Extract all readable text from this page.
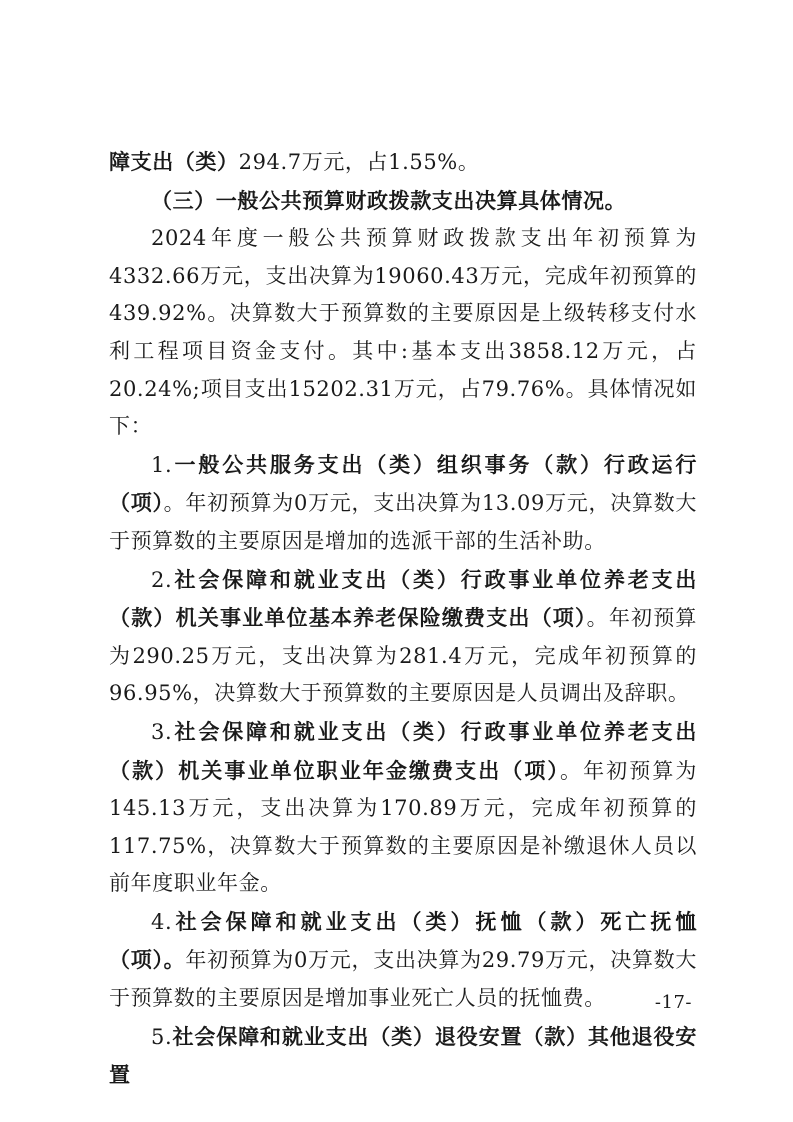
障支出（类）294.7万元，占1.55%。

（三）一般公共预算财政拨款支出决算具体情况。

2024年度一般公共预算财政拨款支出年初预算为4332.66万元，支出决算为19060.43万元，完成年初预算的439.92%。决算数大于预算数的主要原因是上级转移支付水利工程项目资金支付。其中:基本支出3858.12万元，占20.24%;项目支出15202.31万元，占79.76%。具体情况如下：

1.一般公共服务支出（类）组织事务（款）行政运行（项）。年初预算为0万元，支出决算为13.09万元，决算数大于预算数的主要原因是增加的选派干部的生活补助。

2.社会保障和就业支出（类）行政事业单位养老支出（款）机关事业单位基本养老保险缴费支出（项）。年初预算为290.25万元，支出决算为281.4万元，完成年初预算的96.95%，决算数大于预算数的主要原因是人员调出及辞职。

3.社会保障和就业支出（类）行政事业单位养老支出（款）机关事业单位职业年金缴费支出（项）。年初预算为145.13万元，支出决算为170.89万元，完成年初预算的117.75%，决算数大于预算数的主要原因是补缴退休人员以前年度职业年金。

4.社会保障和就业支出（类）抚恤（款）死亡抚恤（项）。年初预算为0万元，支出决算为29.79万元，决算数大于预算数的主要原因是增加事业死亡人员的抚恤费。

5.社会保障和就业支出（类）退役安置（款）其他退役安置

-17-
